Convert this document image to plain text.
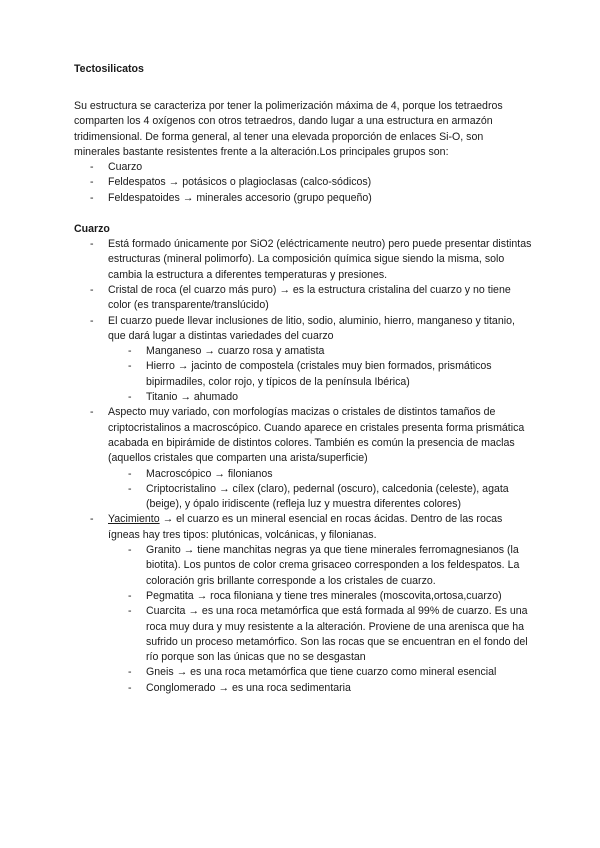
Tectosilicatos
Su estructura se caracteriza por tener la polimerización máxima de 4, porque los tetraedros comparten los 4 oxígenos con otros tetraedros, dando lugar a una estructura en armazón tridimensional. De forma general, al tener una elevada proporción de enlaces Si-O, son minerales bastante resistentes frente a la alteración.Los principales grupos son:
- Cuarzo
- Feldespatos → potásicos o plagioclasas (calco-sódicos)
- Feldespatoides → minerales accesorio (grupo pequeño)
Cuarzo
- Está formado únicamente por SiO2 (eléctricamente neutro) pero puede presentar distintas estructuras (mineral polimorfo). La composición química sigue siendo la misma, solo cambia la estructura a diferentes temperaturas y presiones.
- Cristal de roca (el cuarzo más puro) → es la estructura cristalina del cuarzo y no tiene color (es transparente/translúcido)
- El cuarzo puede llevar inclusiones de litio, sodio, aluminio, hierro, manganeso y titanio, que dará lugar a distintas variedades del cuarzo
- Manganeso → cuarzo rosa y amatista
- Hierro → jacinto de compostela (cristales muy bien formados, prismáticos bipirmadiles, color rojo, y típicos de la península Ibérica)
- Titanio → ahumado
- Aspecto muy variado, con morfologías macizas o cristales de distintos tamaños de criptocristalinos a macroscópico. Cuando aparece en cristales presenta forma prismática acabada en bipirámide de distintos colores. También es común la presencia de maclas (aquellos cristales que comparten una arista/superficie)
- Macroscópico → filonianos
- Criptocristalino → cílex (claro), pedernal (oscuro), calcedonia (celeste), agata (beige), y ópalo iridiscente (refleja luz y muestra diferentes colores)
- Yacimiento → el cuarzo es un mineral esencial en rocas ácidas. Dentro de las rocas ígneas hay tres tipos: plutónicas, volcánicas, y filonianas.
- Granito → tiene manchitas negras ya que tiene minerales ferromagnesianos (la biotita). Los puntos de color crema grisaceo corresponden a los feldespatos. La coloración gris brillante corresponde a los cristales de cuarzo.
- Pegmatita → roca filoniana y tiene tres minerales (moscovita,ortosa,cuarzo)
- Cuarcita → es una roca metamórfica que está formada al 99% de cuarzo. Es una roca muy dura y muy resistente a la alteración. Proviene de una arenisca que ha sufrido un proceso metamórfico. Son las rocas que se encuentran en el fondo del río porque son las únicas que no se desgastan
- Gneis → es una roca metamórfica que tiene cuarzo como mineral esencial
- Conglomerado → es una roca sedimentaria
